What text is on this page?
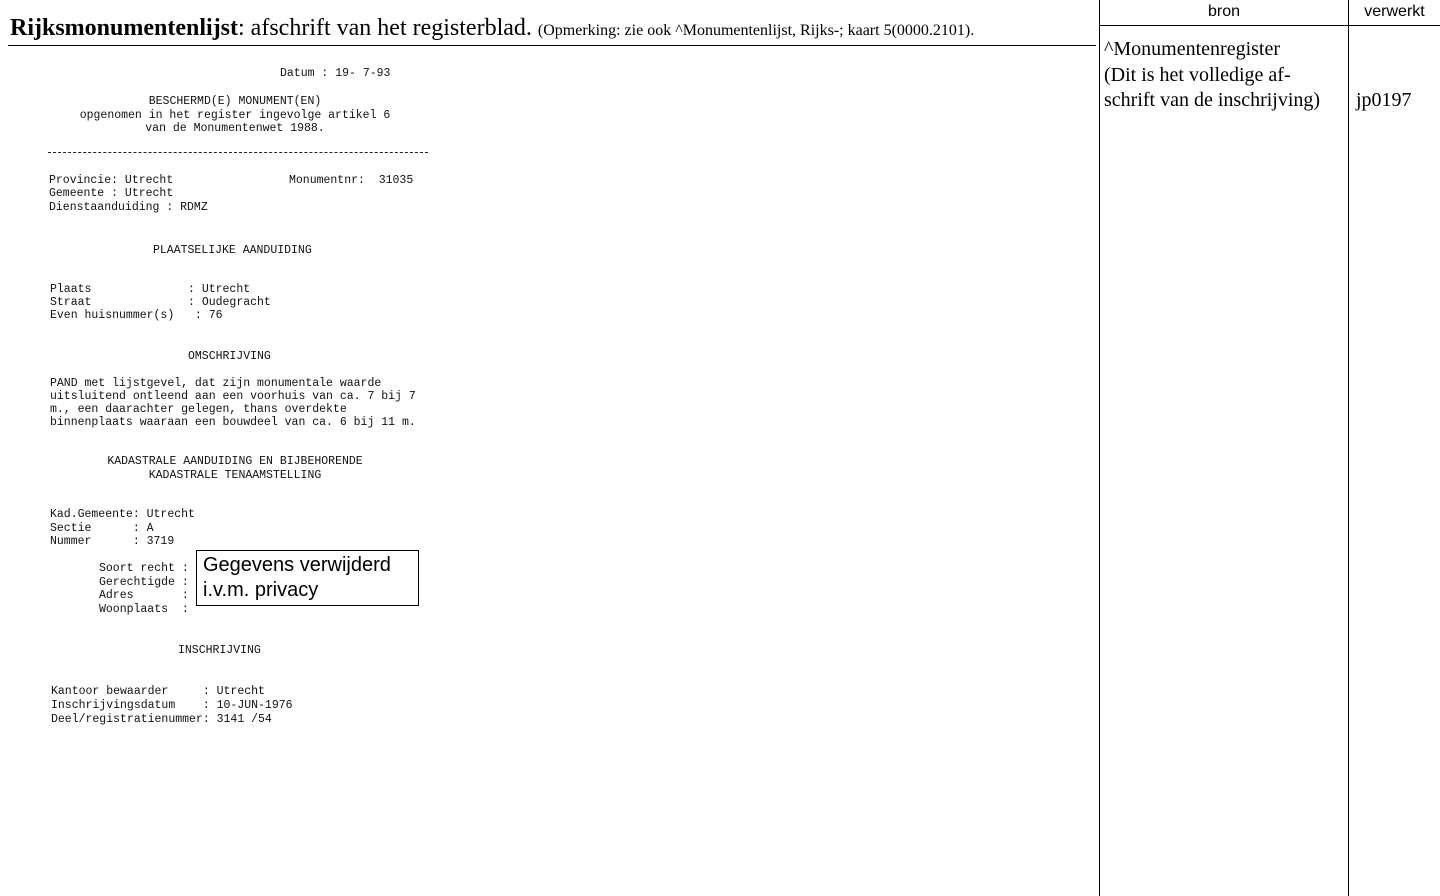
Rijksmonumentenlijst: afschrift van het registerblad. (Opmerking: zie ook ^Monumentenlijst, Rijks-; kaart 5(0000.2101).
bron	verwerkt
^Monumentenregister
(Dit is het volledige af-
schrift van de inschrijving)	jp0197
Datum : 19- 7-93
BESCHERMD(E) MONUMENT(EN)
opgenomen in het register ingevolge artikel 6
van de Monumentenwet 1988.
Provincie: Utrecht	Monumentnr:  31035
Gemeente : Utrecht
Dienstaanduiding : RDMZ
PLAATSELIJKE AANDUIDING
Plaats              : Utrecht
Straat              : Oudegracht
Even huisnummer(s)   : 76
OMSCHRIJVING
PAND met lijstgevel, dat zijn monumentale waarde
uitsluitend ontleend aan een voorhuis van ca. 7 bij 7
m., een daarachter gelegen, thans overdekte
binnenplaats waaraan een bouwdeel van ca. 6 bij 11 m.
KADASTRALE AANDUIDING EN BIJBEHORENDE
KADASTRALE TENAAMSTELLING
Kad.Gemeente: Utrecht
Sectie      : A
Nummer      : 3719
Soort recht :
Gerechtigde :
Adres       :
Woonplaats  :
Gegevens verwijderd
i.v.m. privacy
INSCHRIJVING
Kantoor bewaarder     : Utrecht
Inschrijvingsdatum    : 10-JUN-1976
Deel/registratienummer: 3141 /54
